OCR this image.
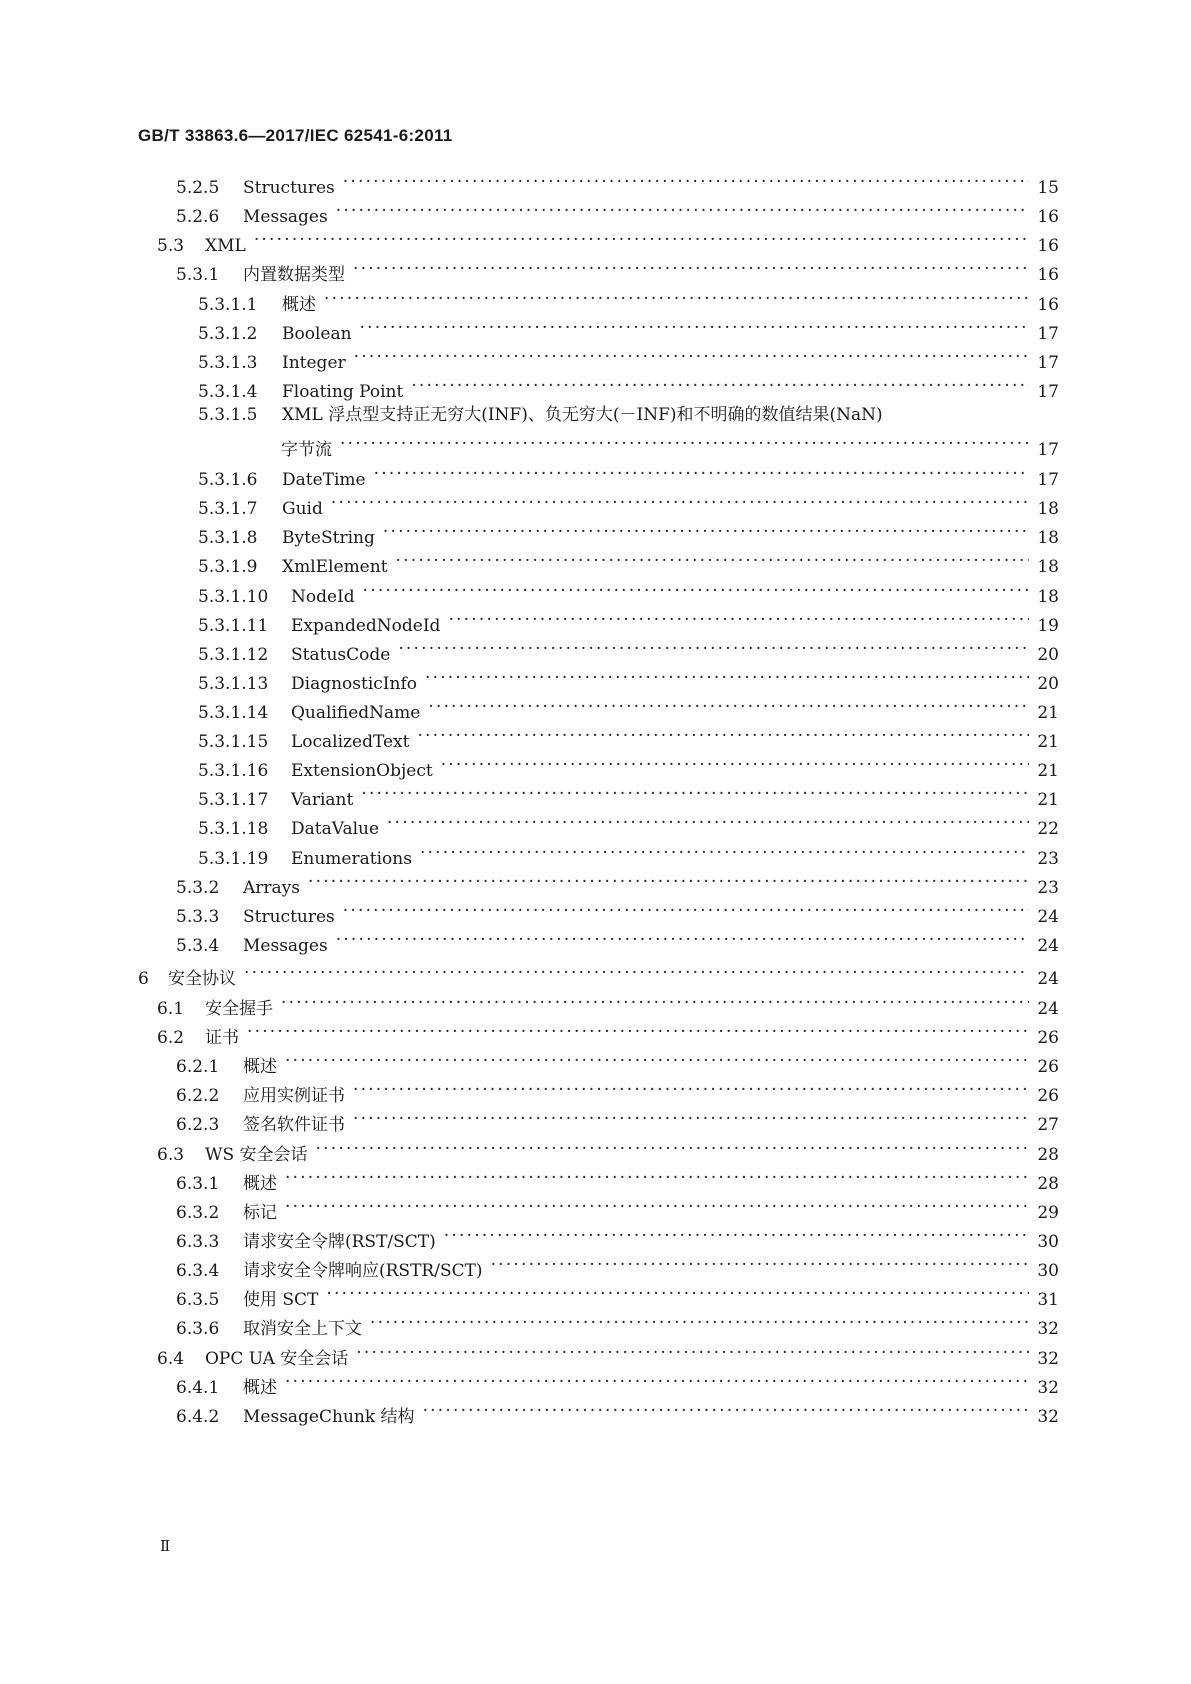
GB/T 33863.6—2017/IEC 62541-6:2011
5.2.5	Structures ·····	15
5.2.6	Messages ·····	16
5.3	XML ·····	16
5.3.1	内置数据类型 ·····	16
5.3.1.1	概述 ·····	16
5.3.1.2	Boolean ·····	17
5.3.1.3	Integer ·····	17
5.3.1.4	Floating Point ·····	17
5.3.1.5	XML 浮点型支持正无穷大(INF)、负无穷大(－INF)和不明确的数值结果(NaN)
字节流 ·····	17
5.3.1.6	DateTime ·····	17
5.3.1.7	Guid ·····	18
5.3.1.8	ByteString ·····	18
5.3.1.9	XmlElement ·····	18
5.3.1.10	NodeId ·····	18
5.3.1.11	ExpandedNodeId ·····	19
5.3.1.12	StatusCode ·····	20
5.3.1.13	DiagnosticInfo ·····	20
5.3.1.14	QualifiedName ·····	21
5.3.1.15	LocalizedText ·····	21
5.3.1.16	ExtensionObject ·····	21
5.3.1.17	Variant ·····	21
5.3.1.18	DataValue ·····	22
5.3.1.19	Enumerations ·····	23
5.3.2	Arrays ·····	23
5.3.3	Structures ·····	24
5.3.4	Messages ·····	24
6	安全协议 ·····	24
6.1	安全握手 ·····	24
6.2	证书 ·····	26
6.2.1	概述 ·····	26
6.2.2	应用实例证书 ·····	26
6.2.3	签名软件证书 ·····	27
6.3	WS 安全会话 ·····	28
6.3.1	概述 ·····	28
6.3.2	标记 ·····	29
6.3.3	请求安全令牌(RST/SCT) ·····	30
6.3.4	请求安全令牌响应(RSTR/SCT) ·····	30
6.3.5	使用 SCT ·····	31
6.3.6	取消安全上下文 ·····	32
6.4	OPC UA 安全会话 ·····	32
6.4.1	概述 ·····	32
6.4.2	MessageChunk 结构 ·····	32
Ⅱ
